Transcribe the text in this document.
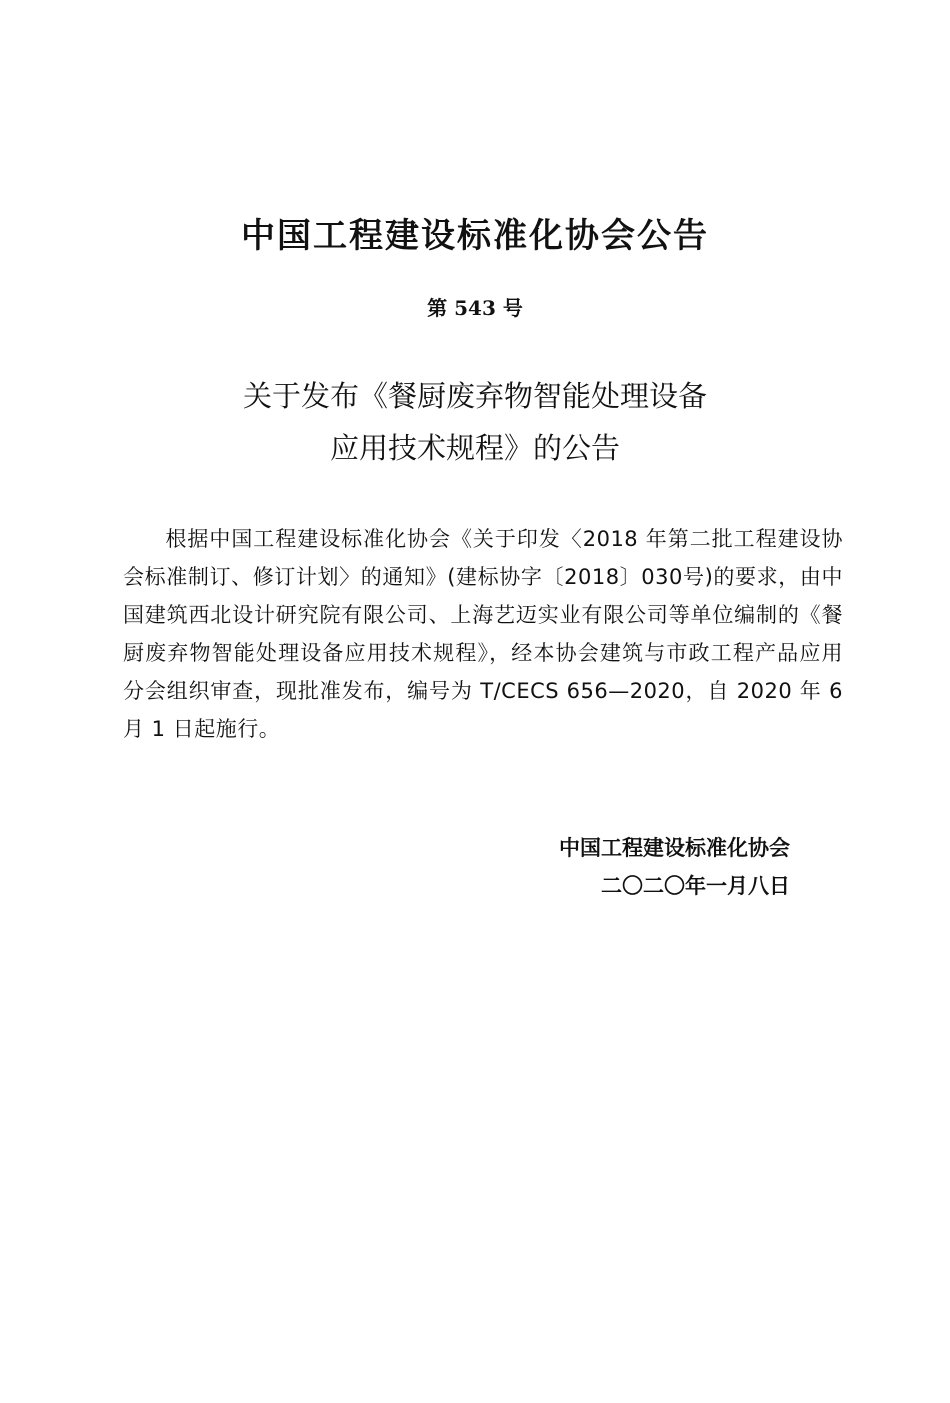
中国工程建设标准化协会公告
第 543 号
关于发布《餐厨废弃物智能处理设备
应用技术规程》的公告

根据中国工程建设标准化协会《关于印发〈2018 年第二批工程建设协会标准制订、修订计划〉的通知》(建标协字〔2018〕030号)的要求，由中国建筑西北设计研究院有限公司、上海艺迈实业有限公司等单位编制的《餐厨废弃物智能处理设备应用技术规程》，经本协会建筑与市政工程产品应用分会组织审查，现批准发布，编号为 T/CECS 656—2020，自 2020 年 6 月 1 日起施行。

中国工程建设标准化协会
二〇二〇年一月八日
